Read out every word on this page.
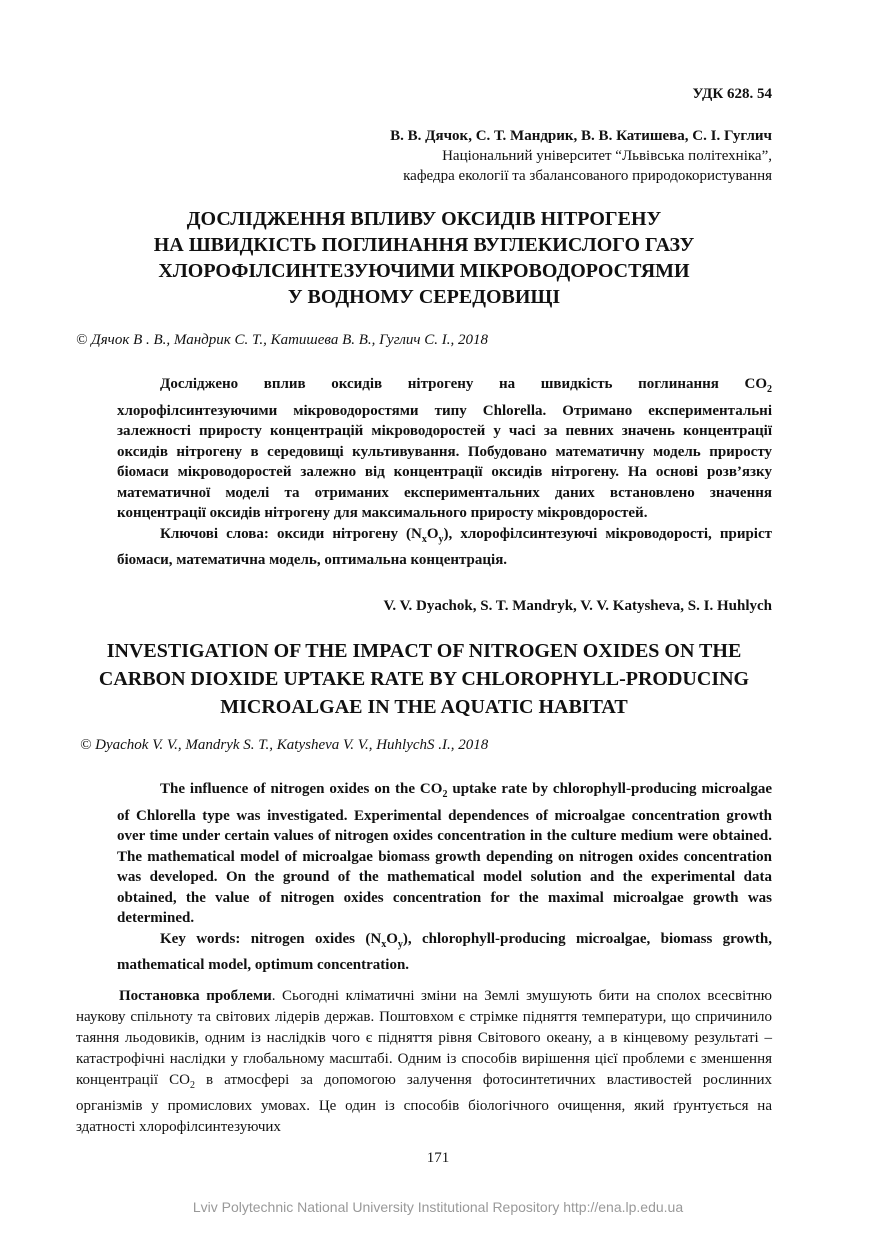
УДК 628. 54
В. В. Дячок, С. Т. Мандрик, В. В. Катишева, С. І. Гуглич
Національний університет “Львівська політехніка”,
кафедра екології та збалансованого природокористування
ДОСЛІДЖЕННЯ ВПЛИВУ ОКСИДІВ НІТРОГЕНУ
НА ШВИДКІСТЬ ПОГЛИНАННЯ ВУГЛЕКИСЛОГО ГАЗУ
ХЛОРОФІЛСИНТЕЗУЮЧИМИ МІКРОВОДОРОСТЯМИ
У ВОДНОМУ СЕРЕДОВИЩІ
© Дячок В . В., Мандрик С. Т., Катишева В. В., Гуглич С. І., 2018

Досліджено вплив оксидів нітрогену на швидкість поглинання $CO_2$ хлорофілсинтезуючими мікроводоростями типу Chlorella. Отримано експериментальні залежності приросту концентрацій мікроводоростей у часі за певних значень концентрації оксидів нітрогену в середовищі культивування. Побудовано математичну модель приросту біомаси мікроводоростей залежно від концентрації оксидів нітрогену. На основі розв’язку математичної моделі та отриманих експериментальних даних встановлено значення концентрації оксидів нітрогену для максимального приросту мікровдоростей.

Ключові слова: оксиди нітрогену $(N_xO_y)$, хлорофілсинтезуючі мікроводорості, приріст біомаси, математична модель, оптимальна концентрація.

V. V. Dyachok, S. T. Mandryk, V. V. Katysheva, S. I. Huhlych
INVESTIGATION OF THE IMPACT OF NITROGEN OXIDES ON THE
CARBON DIOXIDE UPTAKE RATE BY CHLOROPHYLL-PRODUCING
MICROALGAE IN THE AQUATIC HABITAT
© Dyachok V. V., Mandryk S. T., Katysheva V. V., HuhlychS .I., 2018

The influence of nitrogen oxides on the $CO_2$ uptake rate by chlorophyll-producing microalgae of Chlorella type was investigated. Experimental dependences of microalgae concentration growth over time under certain values of nitrogen oxides concentration in the culture medium were obtained. The mathematical model of microalgae biomass growth depending on nitrogen oxides concentration was developed. On the ground of the mathematical model solution and the experimental data obtained, the value of nitrogen oxides concentration for the maximal microalgae growth was determined.

Key words: nitrogen oxides $(N_xO_y)$, chlorophyll-producing microalgae, biomass growth, mathematical model, optimum concentration.

Постановка проблеми. Сьогодні кліматичні зміни на Землі змушують бити на сполох всесвітню наукову спільноту та світових лідерів держав. Поштовхом є стрімке підняття температури, що спричинило таяння льодовиків, одним із наслідків чого є підняття рівня Світового океану, а в кінцевому результаті – катастрофічні наслідки у глобальному масштабі. Одним із способів вирішення цієї проблеми є зменшення концентрації $CO_2$ в атмосфері за допомогою залучення фотосинтетичних властивостей рослинних організмів у промислових умовах. Це один із способів біологічного очищення, який ґрунтується на здатності хлорофілсинтезуючих

171
Lviv Polytechnic National University Institutional Repository http://ena.lp.edu.ua
